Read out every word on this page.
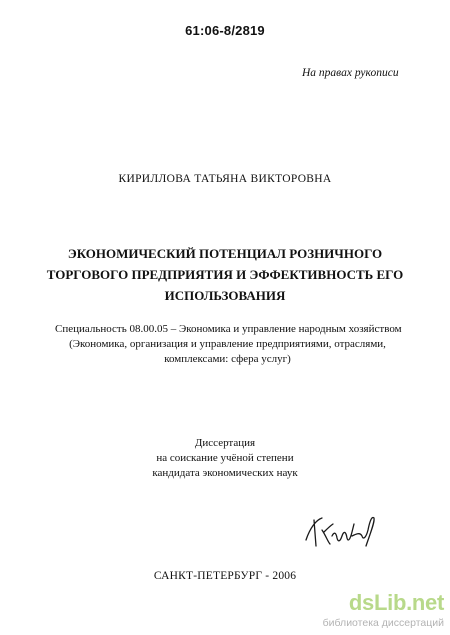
61:06-8/2819
На правах рукописи
КИРИЛЛОВА ТАТЬЯНА ВИКТОРОВНА
ЭКОНОМИЧЕСКИЙ ПОТЕНЦИАЛ РОЗНИЧНОГО
ТОРГОВОГО ПРЕДПРИЯТИЯ И ЭФФЕКТИВНОСТЬ ЕГО
ИСПОЛЬЗОВАНИЯ
Специальность 08.00.05 – Экономика и управление народным хозяйством
(Экономика, организация и управление предприятиями, отраслями,
комплексами: сфера услуг)
Диссертация
на соискание учёной степени
кандидата экономических наук
САНКТ-ПЕТЕРБУРГ - 2006
dsLib.net
библиотека диссертаций
